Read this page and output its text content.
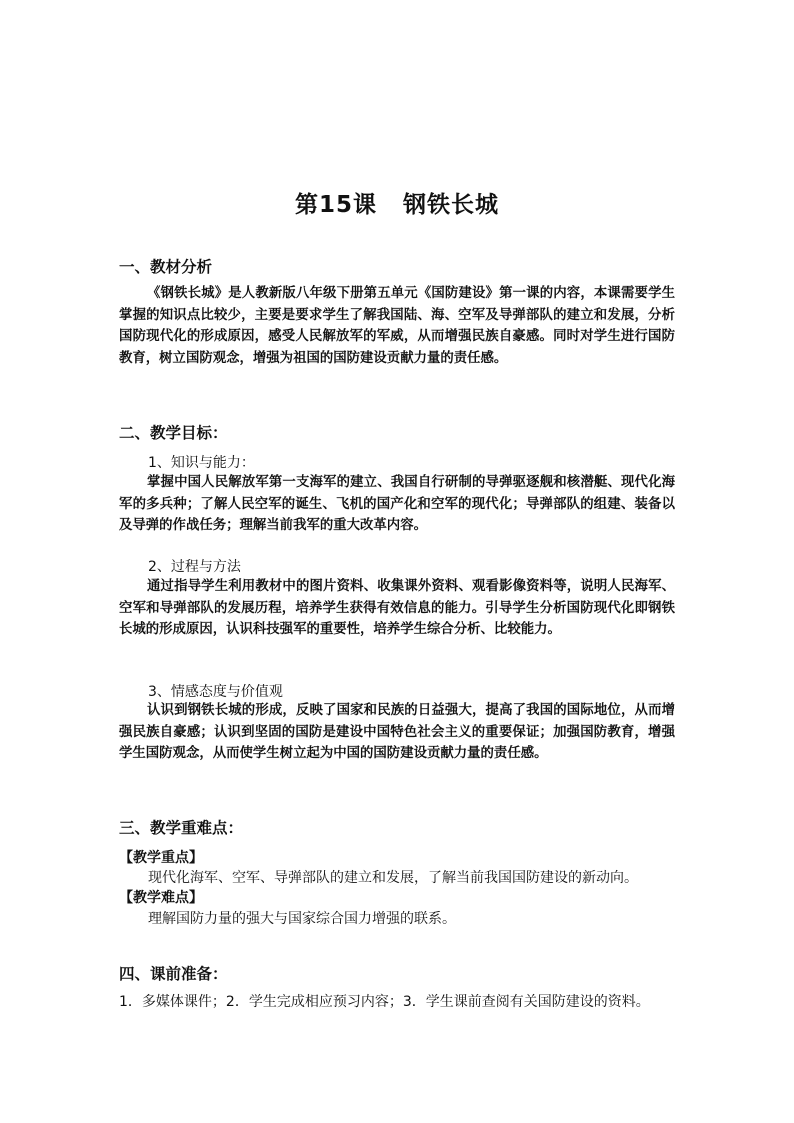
第15课 钢铁长城
一、教材分析
《钢铁长城》是人教新版八年级下册第五单元《国防建设》第一课的内容，本课需要学生掌握的知识点比较少，主要是要求学生了解我国陆、海、空军及导弹部队的建立和发展，分析国防现代化的形成原因，感受人民解放军的军威，从而增强民族自豪感。同时对学生进行国防教育，树立国防观念，增强为祖国的国防建设贡献力量的责任感。
二、教学目标：
1、知识与能力：
掌握中国人民解放军第一支海军的建立、我国自行研制的导弹驱逐舰和核潜艇、现代化海军的多兵种；了解人民空军的诞生、飞机的国产化和空军的现代化；导弹部队的组建、装备以及导弹的作战任务；理解当前我军的重大改革内容。
2、过程与方法
通过指导学生利用教材中的图片资料、收集课外资料、观看影像资料等，说明人民海军、空军和导弹部队的发展历程，培养学生获得有效信息的能力。引导学生分析国防现代化即钢铁长城的形成原因，认识科技强军的重要性，培养学生综合分析、比较能力。
3、情感态度与价值观
认识到钢铁长城的形成，反映了国家和民族的日益强大，提高了我国的国际地位，从而增强民族自豪感；认识到坚固的国防是建设中国特色社会主义的重要保证；加强国防教育，增强学生国防观念，从而使学生树立起为中国的国防建设贡献力量的责任感。
三、教学重难点：
【教学重点】
现代化海军、空军、导弹部队的建立和发展，了解当前我国国防建设的新动向。
【教学难点】
理解国防力量的强大与国家综合国力增强的联系。
四、课前准备：
1．多媒体课件；2．学生完成相应预习内容；3．学生课前查阅有关国防建设的资料。
